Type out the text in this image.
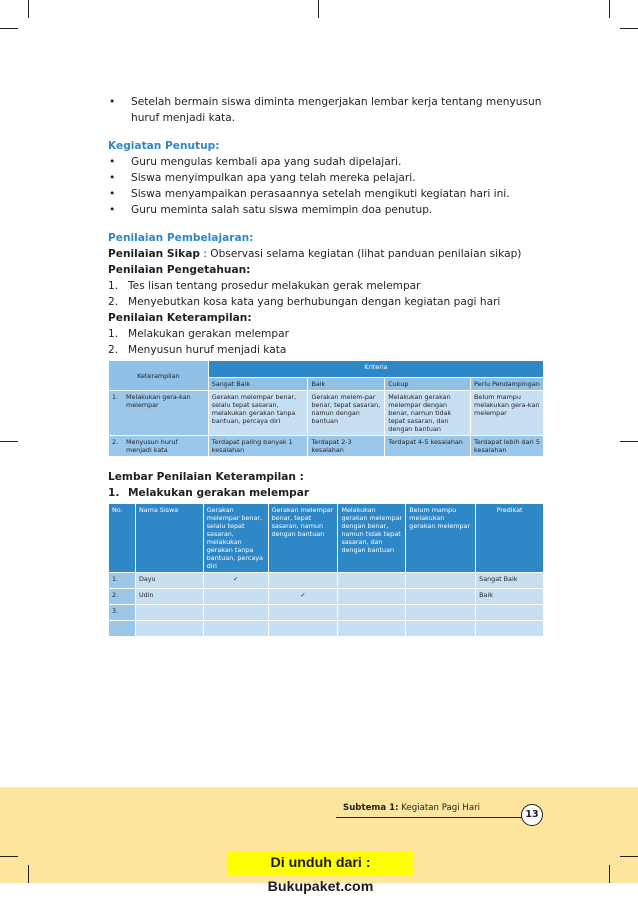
•	Setelah bermain siswa diminta mengerjakan lembar kerja tentang menyusun huruf menjadi kata.
Kegiatan Penutup:
•	Guru mengulas kembali apa yang sudah dipelajari.
•	Siswa menyimpulkan apa yang telah mereka pelajari.
•	Siswa menyampaikan perasaannya setelah mengikuti kegiatan hari ini.
•	Guru meminta salah satu siswa memimpin doa penutup.
Penilaian Pembelajaran:
Penilaian Sikap : Observasi selama kegiatan (lihat panduan penilaian sikap)
Penilaian Pengetahuan:
1. Tes lisan tentang prosedur melakukan gerak melempar
2. Menyebutkan kosa kata yang berhubungan dengan kegiatan pagi hari
Penilaian Keterampilan:
1. Melakukan gerakan melempar
2. Menyusun huruf menjadi kata
Keterampilan	Kriteria			
	Sangat Baik	Baik	Cukup	Perlu Pendampingan

1. Melakukan gera-kan melempar	Gerakan melempar benar, selalu tepat sasaran, melakukan gerakan tanpa bantuan, percaya diri	Gerakan melem-par benar, tepat sasaran, namun dengan bantuan	Melakukan gerakan melempar dengan benar, namun tidak tepat sasaran, dan dengan bantuan	Belum mampu melakukan gera-kan melempar

2. Menyusun huruf menjadi kata	Terdapat paling banyak 1 kesalahan	Terdapat 2-3 kesalahan	Terdapat 4-5 kesalahan	Terdapat lebih dari 5 kesalahan
Lembar Penilaian Keterampilan :
1. Melakukan gerakan melempar
No.	Nama Siswa	Gerakan melempar benar, selalu tepat sasaran, melakukan gerakan tanpa bantuan, percaya diri	Gerakan melempar benar, tepat sasaran, namun dengan bantuan	Melakukan gerakan melempar dengan benar, namun tidak tepat sasaran, dan dengan bantuan	Belum mampu melakukan gerakan melempar	Predikat
1.	Dayu	✓				Sangat Baik
2.	Udin		✓			Baik
3.						

Subtema 1: Kegiatan Pagi Hari
13
Di unduh dari : Bukupaket.com
